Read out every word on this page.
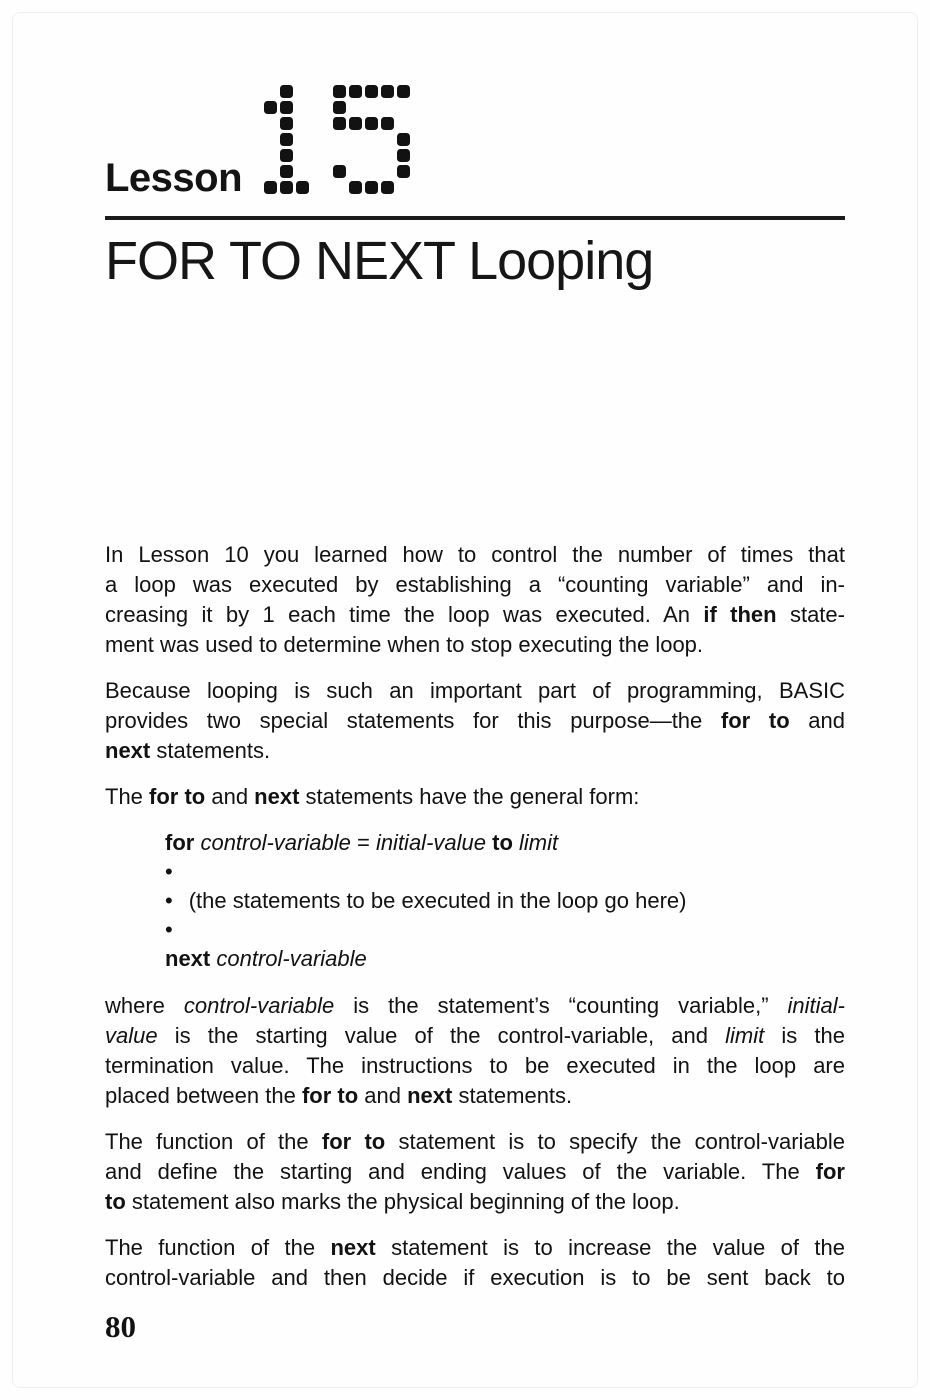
Lesson
FOR TO NEXT Looping
In Lesson 10 you learned how to control the number of times that
a loop was executed by establishing a “counting variable” and in-
creasing it by 1 each time the loop was executed. An if then state-
ment was used to determine when to stop executing the loop.
Because looping is such an important part of programming, BASIC
provides two special statements for this purpose—the for to and
next statements.
The for to and next statements have the general form:
for control-variable = initial-value to limit
•
• (the statements to be executed in the loop go here)
•
next control-variable
where control-variable is the statement’s “counting variable,” initial-
value is the starting value of the control-variable, and limit is the
termination value. The instructions to be executed in the loop are
placed between the for to and next statements.
The function of the for to statement is to specify the control-variable
and define the starting and ending values of the variable. The for
to statement also marks the physical beginning of the loop.
The function of the next statement is to increase the value of the
control-variable and then decide if execution is to be sent back to
80
